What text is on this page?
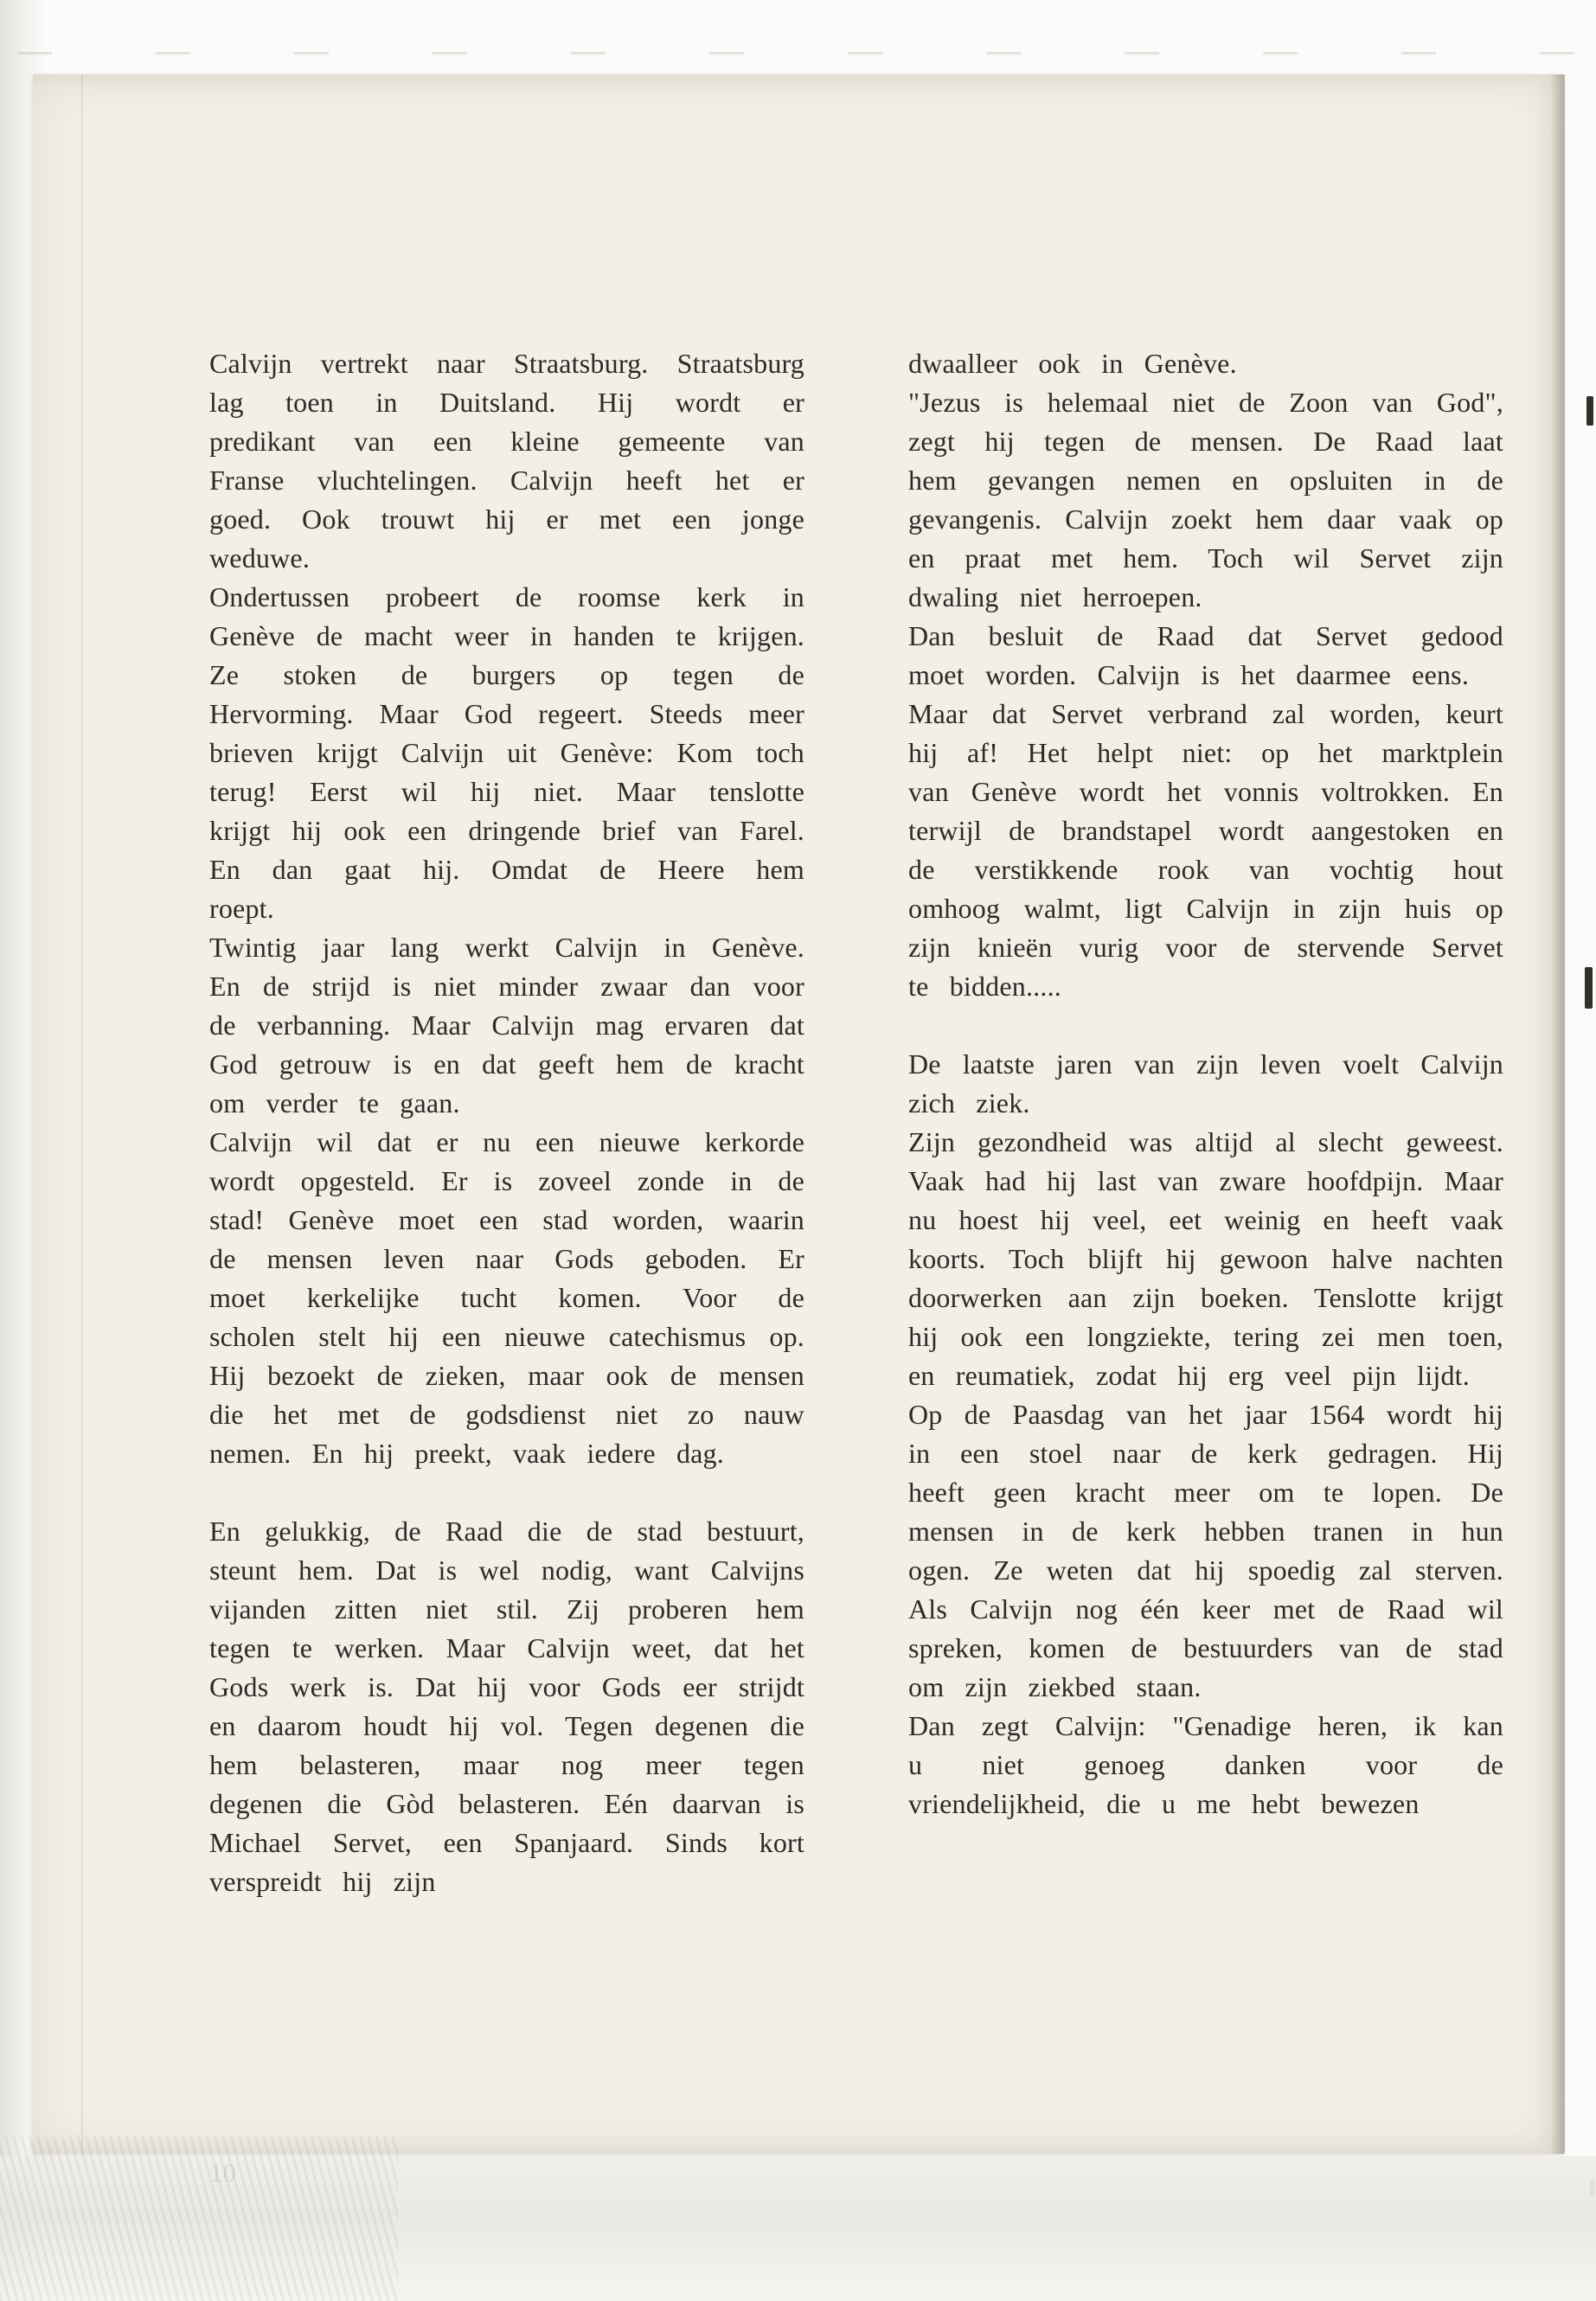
Calvijn vertrekt naar Straatsburg. Straatsburg lag toen in Duitsland. Hij wordt er predikant van een kleine gemeente van Franse vluchtelingen. Calvijn heeft het er goed. Ook trouwt hij er met een jonge weduwe.

Ondertussen probeert de roomse kerk in Genève de macht weer in handen te krijgen. Ze stoken de burgers op tegen de Hervorming. Maar God regeert. Steeds meer brieven krijgt Calvijn uit Genève: Kom toch terug! Eerst wil hij niet. Maar tenslotte krijgt hij ook een dringende brief van Farel. En dan gaat hij. Omdat de Heere hem roept.

Twintig jaar lang werkt Calvijn in Genève. En de strijd is niet minder zwaar dan voor de verbanning. Maar Calvijn mag ervaren dat God getrouw is en dat geeft hem de kracht om verder te gaan.

Calvijn wil dat er nu een nieuwe kerkorde wordt opgesteld. Er is zoveel zonde in de stad! Genève moet een stad worden, waarin de mensen leven naar Gods geboden. Er moet kerkelijke tucht komen. Voor de scholen stelt hij een nieuwe catechismus op. Hij bezoekt de zieken, maar ook de mensen die het met de godsdienst niet zo nauw nemen. En hij preekt, vaak iedere dag.

En gelukkig, de Raad die de stad bestuurt, steunt hem. Dat is wel nodig, want Calvijns vijanden zitten niet stil. Zij proberen hem tegen te werken. Maar Calvijn weet, dat het Gods werk is. Dat hij voor Gods eer strijdt en daarom houdt hij vol. Tegen degenen die hem belasteren, maar nog meer tegen degenen die Gòd belasteren. Eén daarvan is Michael Servet, een Spanjaard. Sinds kort verspreidt hij zijn

dwaalleer ook in Genève.

"Jezus is helemaal niet de Zoon van God", zegt hij tegen de mensen. De Raad laat hem gevangen nemen en opsluiten in de gevangenis. Calvijn zoekt hem daar vaak op en praat met hem. Toch wil Servet zijn dwaling niet herroepen.

Dan besluit de Raad dat Servet gedood moet worden. Calvijn is het daarmee eens.

Maar dat Servet verbrand zal worden, keurt hij af! Het helpt niet: op het marktplein van Genève wordt het vonnis voltrokken. En terwijl de brandstapel wordt aangestoken en de verstikkende rook van vochtig hout omhoog walmt, ligt Calvijn in zijn huis op zijn knieën vurig voor de stervende Servet te bidden.....

De laatste jaren van zijn leven voelt Calvijn zich ziek.

Zijn gezondheid was altijd al slecht geweest. Vaak had hij last van zware hoofdpijn. Maar nu hoest hij veel, eet weinig en heeft vaak koorts. Toch blijft hij gewoon halve nachten doorwerken aan zijn boeken. Tenslotte krijgt hij ook een longziekte, tering zei men toen, en reumatiek, zodat hij erg veel pijn lijdt.

Op de Paasdag van het jaar 1564 wordt hij in een stoel naar de kerk gedragen. Hij heeft geen kracht meer om te lopen. De mensen in de kerk hebben tranen in hun ogen. Ze weten dat hij spoedig zal sterven. Als Calvijn nog één keer met de Raad wil spreken, komen de bestuurders van de stad om zijn ziekbed staan.

Dan zegt Calvijn: "Genadige heren, ik kan u niet genoeg danken voor de vriendelijkheid, die u me hebt bewezen
